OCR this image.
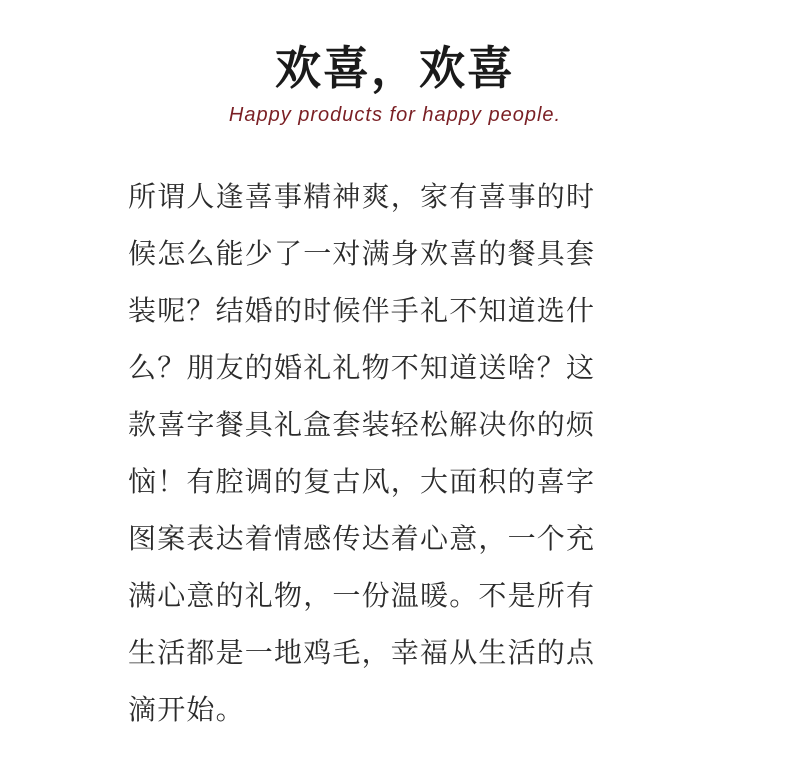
欢喜，欢喜

Happy products for happy people.

所谓人逢喜事精神爽，家有喜事的时
候怎么能少了一对满身欢喜的餐具套
装呢？结婚的时候伴手礼不知道选什
么？朋友的婚礼礼物不知道送啥？这
款喜字餐具礼盒套装轻松解决你的烦
恼！有腔调的复古风，大面积的喜字
图案表达着情感传达着心意，一个充
满心意的礼物，一份温暖。不是所有
生活都是一地鸡毛，幸福从生活的点
滴开始。
